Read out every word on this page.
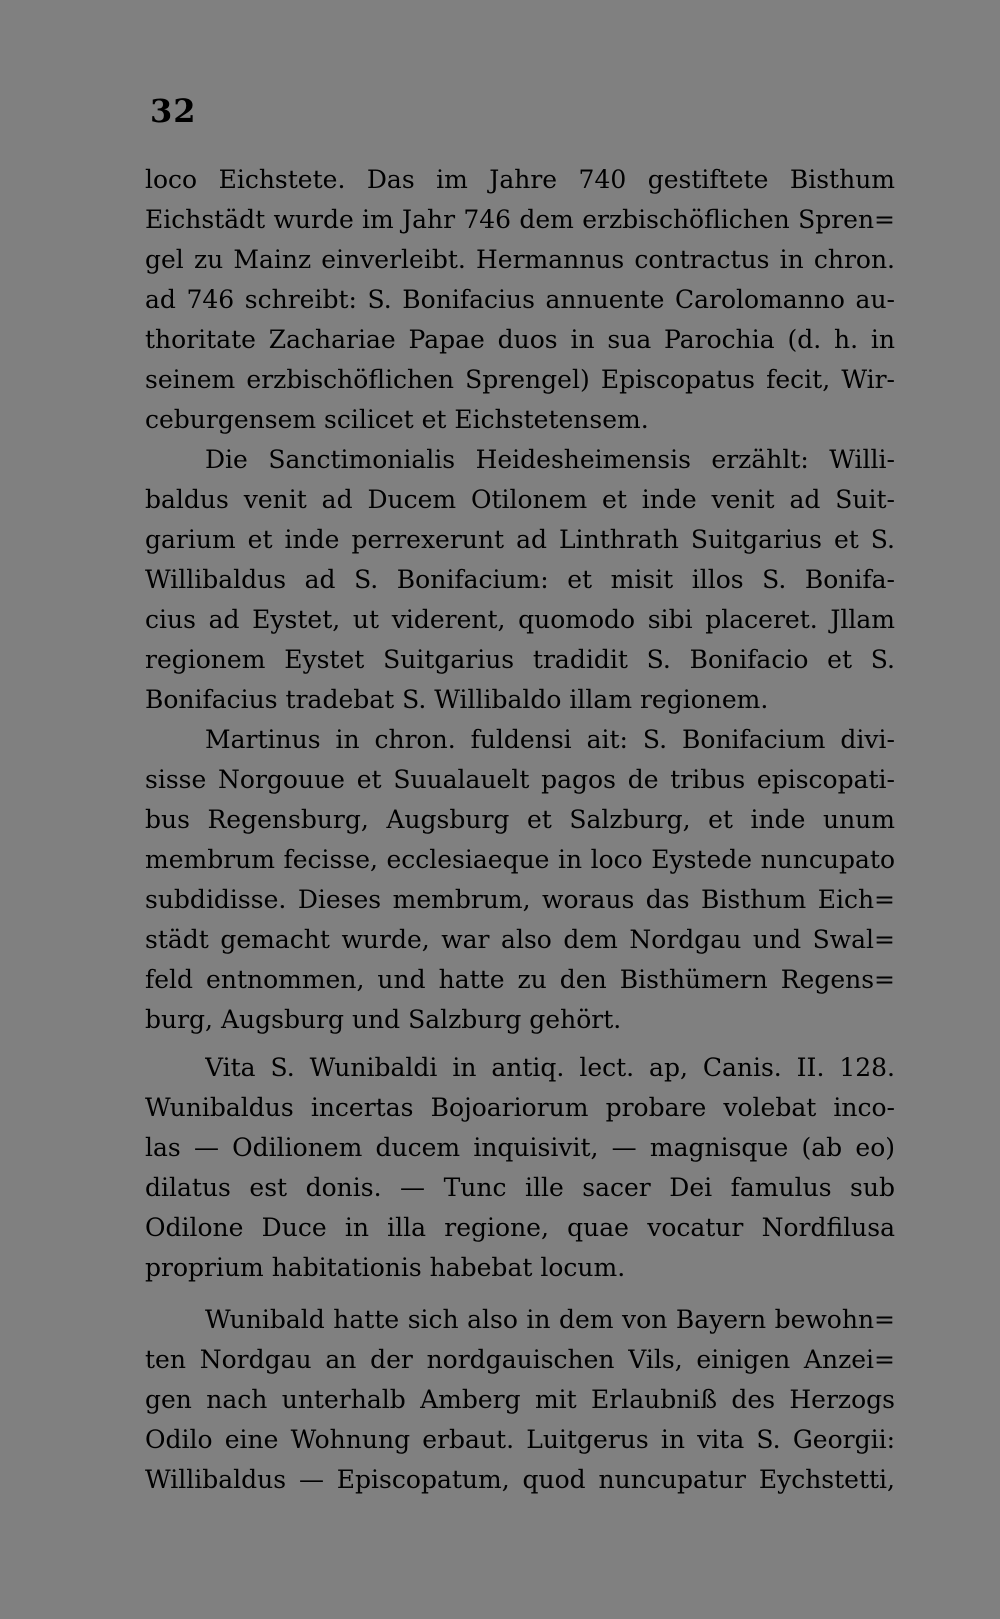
32
loco Eichstete. Das im Jahre 740 gestiftete Bisthum
Eichstädt wurde im Jahr 746 dem erzbischöflichen Spren=
gel zu Mainz einverleibt. Hermannus contractus in chron.
ad 746 schreibt: S. Bonifacius annuente Carolomanno au-
thoritate Zachariae Papae duos in sua Parochia (d. h. in
seinem erzbischöflichen Sprengel) Episcopatus fecit, Wir-
ceburgensem scilicet et Eichstetensem.
Die Sanctimonialis Heidesheimensis erzählt: Willi-
baldus venit ad Ducem Otilonem et inde venit ad Suit-
garium et inde perrexerunt ad Linthrath Suitgarius et S.
Willibaldus ad S. Bonifacium: et misit illos S. Bonifa-
cius ad Eystet, ut viderent, quomodo sibi placeret. Jllam
regionem Eystet Suitgarius tradidit S. Bonifacio et S.
Bonifacius tradebat S. Willibaldo illam regionem.
Martinus in chron. fuldensi ait: S. Bonifacium divi-
sisse Norgouue et Suualauelt pagos de tribus episcopati-
bus Regensburg, Augsburg et Salzburg, et inde unum
membrum fecisse, ecclesiaeque in loco Eystede nuncupato
subdidisse. Dieses membrum, woraus das Bisthum Eich=
städt gemacht wurde, war also dem Nordgau und Swal=
feld entnommen, und hatte zu den Bisthümern Regens=
burg, Augsburg und Salzburg gehört.
Vita S. Wunibaldi in antiq. lect. ap, Canis. II. 128.
Wunibaldus incertas Bojoariorum probare volebat inco-
las — Odilionem ducem inquisivit, — magnisque (ab eo)
dilatus est donis. — Tunc ille sacer Dei famulus sub
Odilone Duce in illa regione, quae vocatur Nordfilusa
proprium habitationis habebat locum.
Wunibald hatte sich also in dem von Bayern bewohn=
ten Nordgau an der nordgauischen Vils, einigen Anzei=
gen nach unterhalb Amberg mit Erlaubniß des Herzogs
Odilo eine Wohnung erbaut. Luitgerus in vita S. Georgii:
Willibaldus — Episcopatum, quod nuncupatur Eychstetti,
